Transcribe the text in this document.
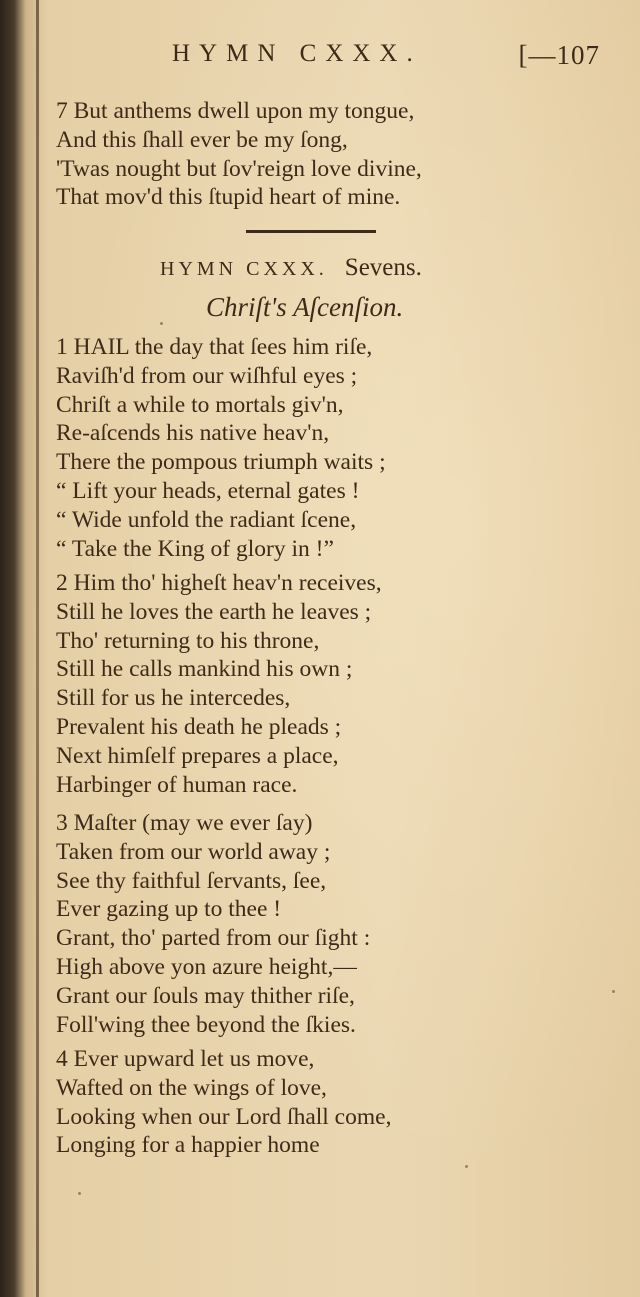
HYMN CXXX.	[—107
7 But anthems dwell upon my tongue,
And this ſhall ever be my ſong,
'Twas nought but ſov'reign love divine,
That mov'd this ſtupid heart of mine.
HYMN CXXX. Sevens.
Chriſt's Aſcenſion.
1 HAIL the day that ſees him riſe,
Raviſh'd from our wiſhful eyes ;
Chriſt a while to mortals giv'n,
Re-aſcends his native heav'n,
There the pompous triumph waits ;
“ Lift your heads, eternal gates !
“ Wide unfold the radiant ſcene,
“ Take the King of glory in !”
2 Him tho' higheſt heav'n receives,
Still he loves the earth he leaves ;
Tho' returning to his throne,
Still he calls mankind his own ;
Still for us he intercedes,
Prevalent his death he pleads ;
Next himſelf prepares a place,
Harbinger of human race.
3 Maſter (may we ever ſay)
Taken from our world away ;
See thy faithful ſervants, ſee,
Ever gazing up to thee !
Grant, tho' parted from our ſight :
High above yon azure height,—
Grant our ſouls may thither riſe,
Foll'wing thee beyond the ſkies.
4 Ever upward let us move,
Wafted on the wings of love,
Looking when our Lord ſhall come,
Longing for a happier home
